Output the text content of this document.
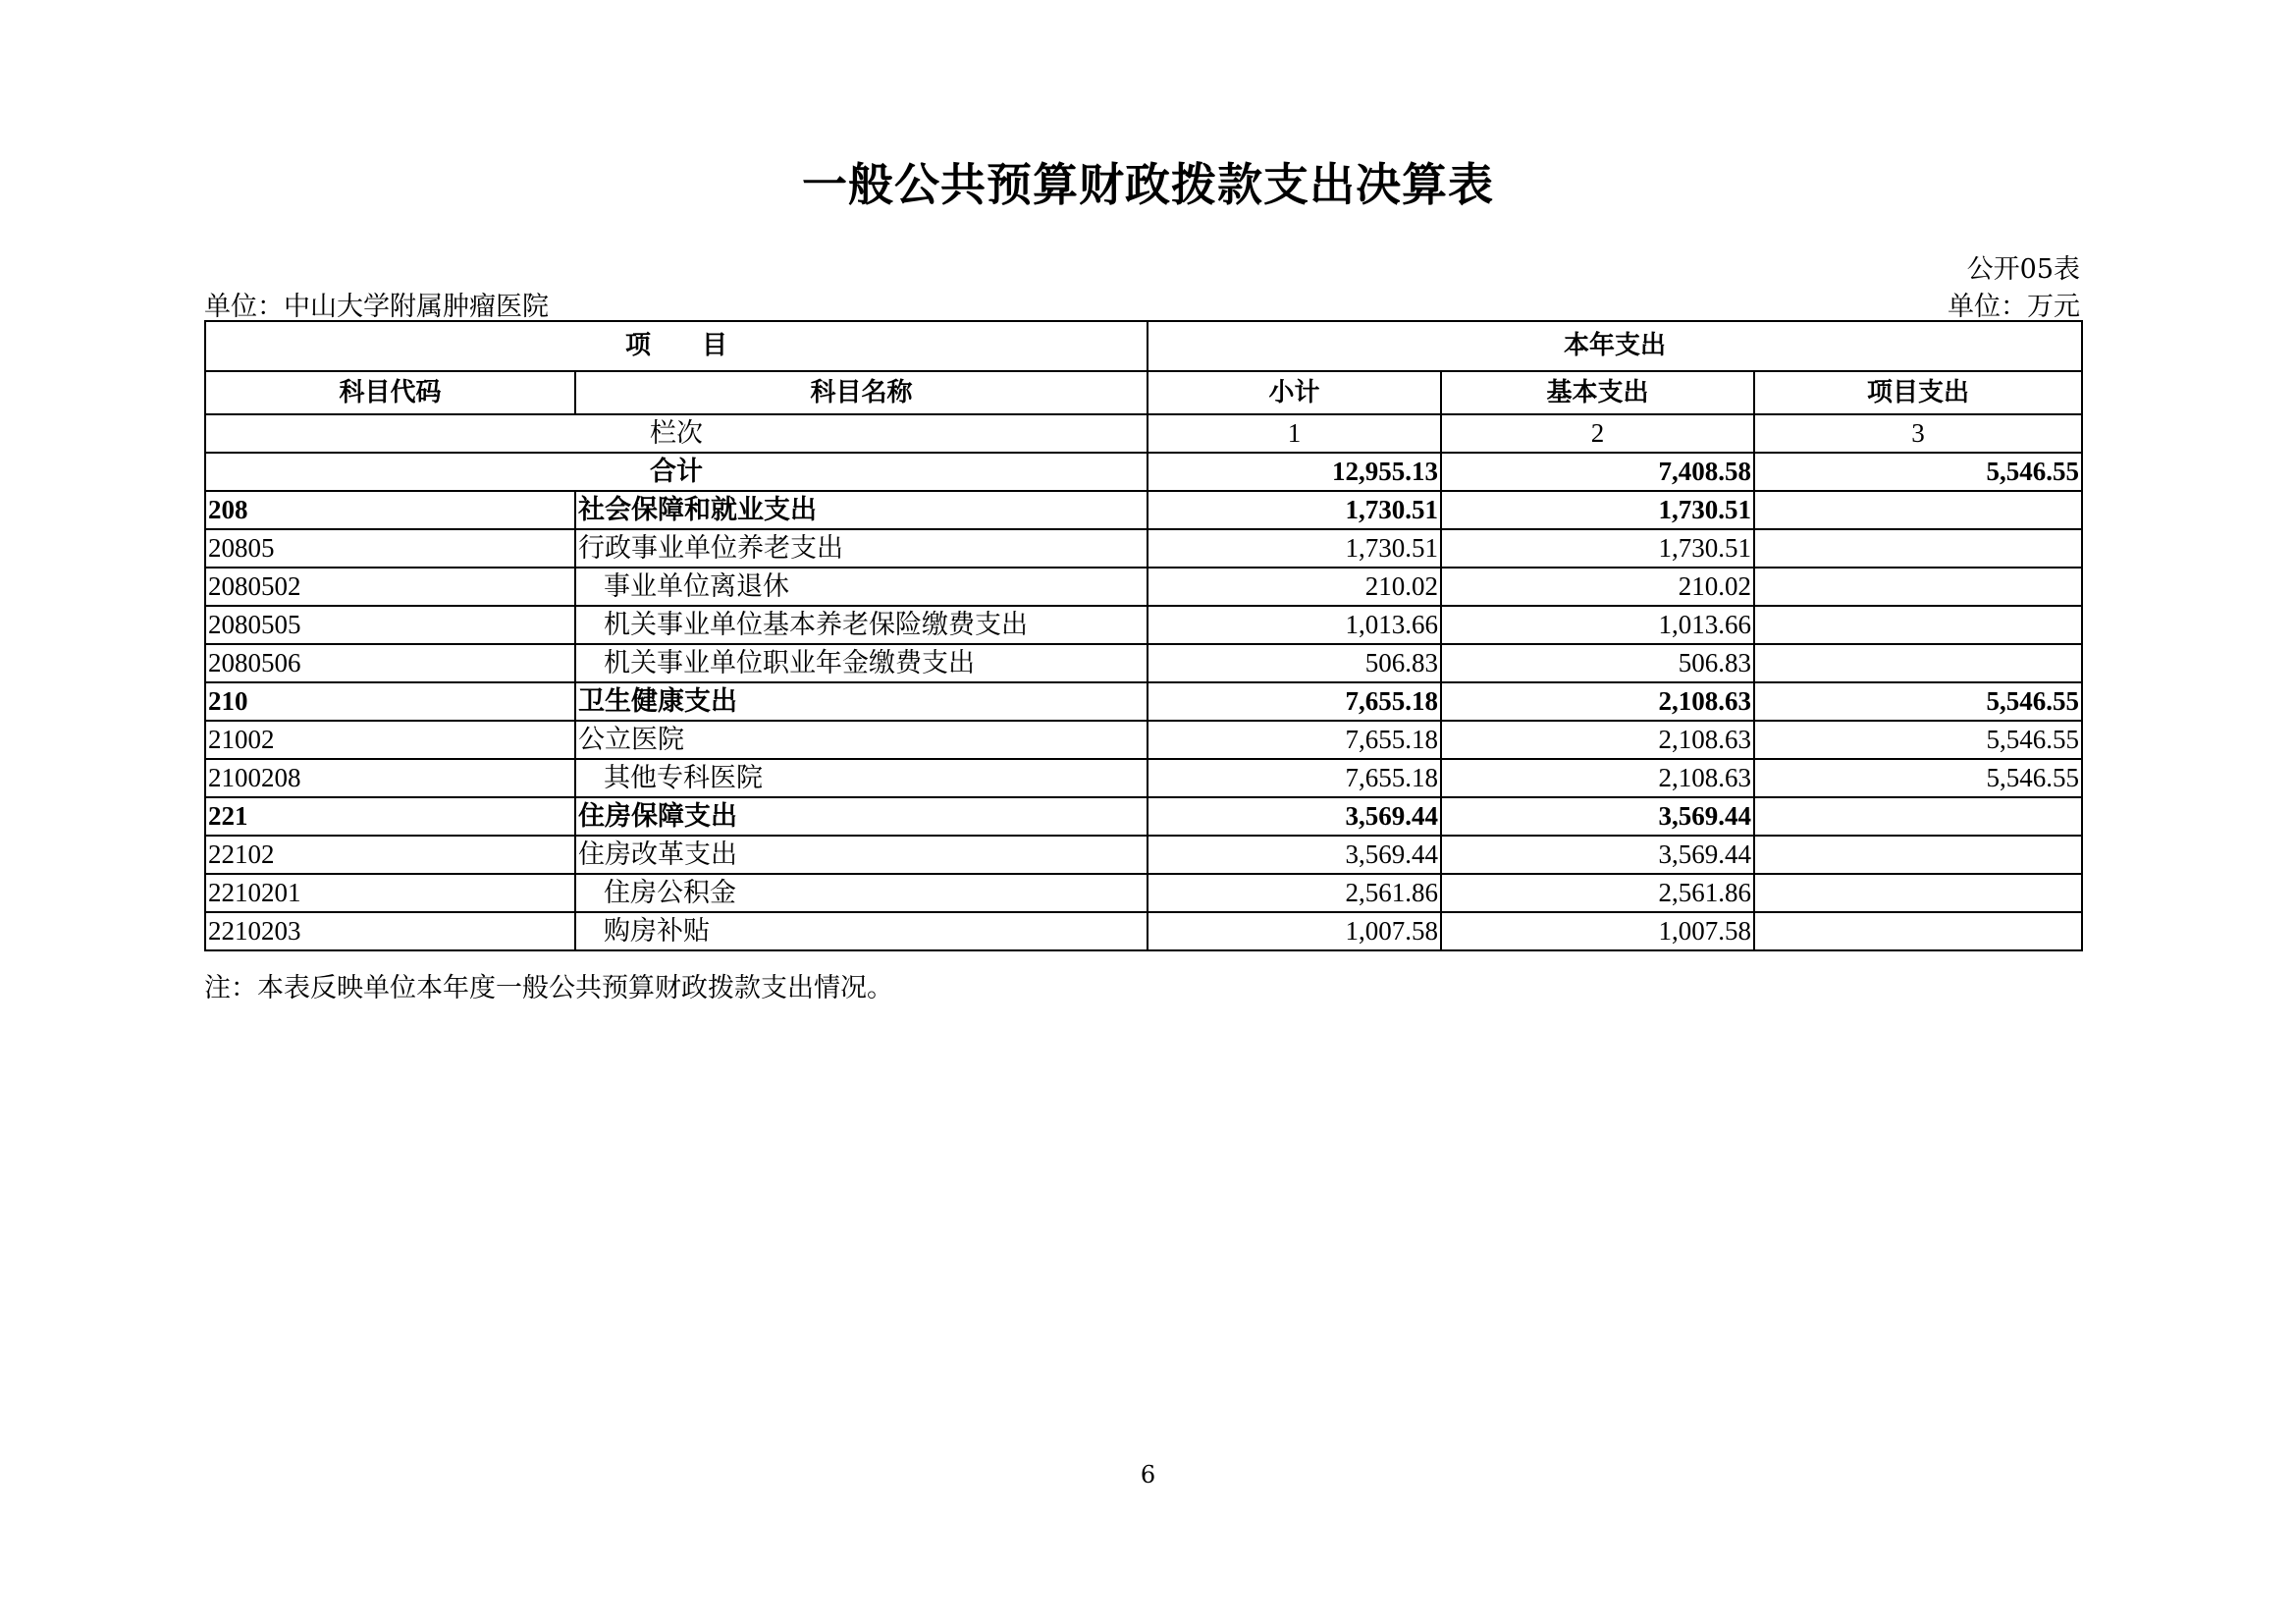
一般公共预算财政拨款支出决算表
公开05表
单位：中山大学附属肿瘤医院	单位：万元
项　　目		本年支出		
科目代码	科目名称	小计	基本支出	项目支出
栏次		1	2	3
合计		12,955.13	7,408.58	5,546.55
208	社会保障和就业支出	1,730.51	1,730.51	
20805	行政事业单位养老支出	1,730.51	1,730.51	
2080502	事业单位离退休	210.02	210.02	
2080505	机关事业单位基本养老保险缴费支出	1,013.66	1,013.66	
2080506	机关事业单位职业年金缴费支出	506.83	506.83	
210	卫生健康支出	7,655.18	2,108.63	5,546.55
21002	公立医院	7,655.18	2,108.63	5,546.55
2100208	其他专科医院	7,655.18	2,108.63	5,546.55
221	住房保障支出	3,569.44	3,569.44	
22102	住房改革支出	3,569.44	3,569.44	
2210201	住房公积金	2,561.86	2,561.86	
2210203	购房补贴	1,007.58	1,007.58	
注：本表反映单位本年度一般公共预算财政拨款支出情况。
6
